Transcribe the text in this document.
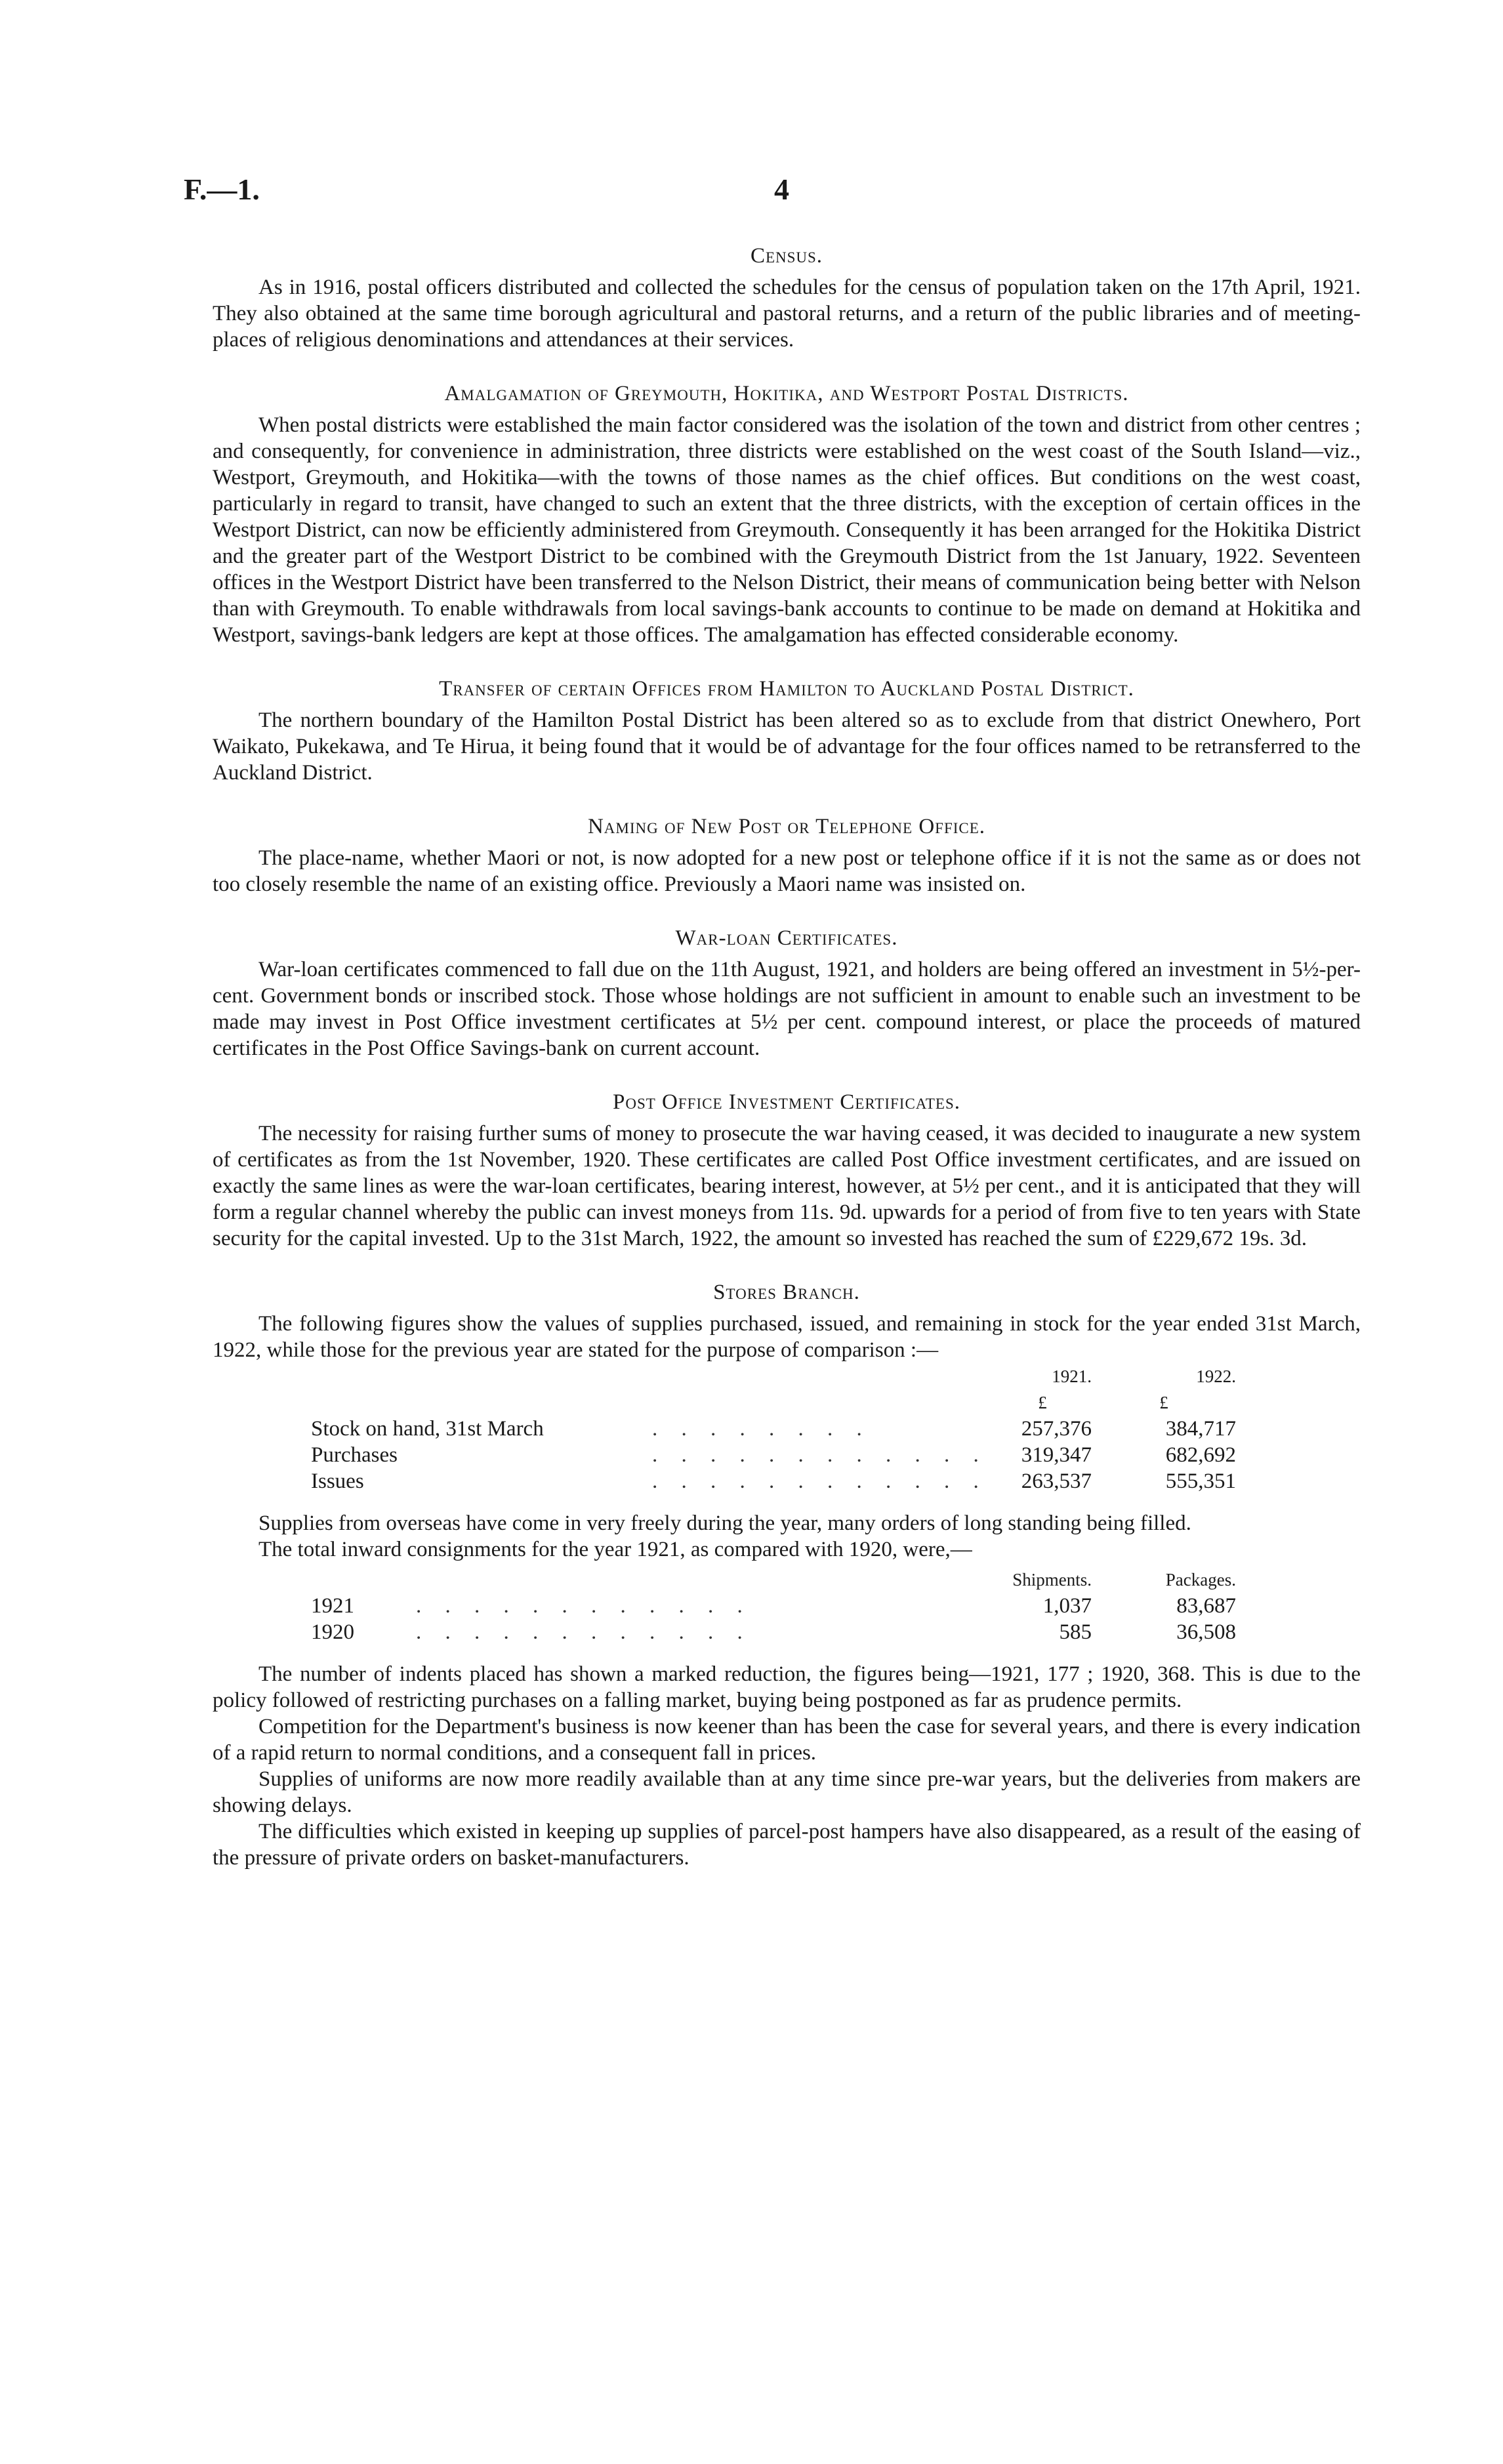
F.—1.	4
Census.

As in 1916, postal officers distributed and collected the schedules for the census of population taken on the 17th April, 1921. They also obtained at the same time borough agricultural and pastoral returns, and a return of the public libraries and of meeting-places of religious denominations and attendances at their services.

Amalgamation of Greymouth, Hokitika, and Westport Postal Districts.

When postal districts were established the main factor considered was the isolation of the town and district from other centres ; and consequently, for convenience in administration, three districts were established on the west coast of the South Island—viz., Westport, Greymouth, and Hokitika—with the towns of those names as the chief offices. But conditions on the west coast, particularly in regard to transit, have changed to such an extent that the three districts, with the exception of certain offices in the Westport District, can now be efficiently administered from Greymouth. Consequently it has been arranged for the Hokitika District and the greater part of the Westport District to be combined with the Greymouth District from the 1st January, 1922. Seventeen offices in the Westport District have been transferred to the Nelson District, their means of communication being better with Nelson than with Greymouth. To enable withdrawals from local savings-bank accounts to continue to be made on demand at Hokitika and Westport, savings-bank ledgers are kept at those offices. The amalgamation has effected considerable economy.

Transfer of certain Offices from Hamilton to Auckland Postal District.

The northern boundary of the Hamilton Postal District has been altered so as to exclude from that district Onewhero, Port Waikato, Pukekawa, and Te Hirua, it being found that it would be of advantage for the four offices named to be retransferred to the Auckland District.

Naming of New Post or Telephone Office.

The place-name, whether Maori or not, is now adopted for a new post or telephone office if it is not the same as or does not too closely resemble the name of an existing office. Previously a Maori name was insisted on.

War-loan Certificates.

War-loan certificates commenced to fall due on the 11th August, 1921, and holders are being offered an investment in 5½-per-cent. Government bonds or inscribed stock. Those whose holdings are not sufficient in amount to enable such an investment to be made may invest in Post Office investment certificates at 5½ per cent. compound interest, or place the proceeds of matured certificates in the Post Office Savings-bank on current account.

Post Office Investment Certificates.

The necessity for raising further sums of money to prosecute the war having ceased, it was decided to inaugurate a new system of certificates as from the 1st November, 1920. These certificates are called Post Office investment certificates, and are issued on exactly the same lines as were the war-loan certificates, bearing interest, however, at 5½ per cent., and it is anticipated that they will form a regular channel whereby the public can invest moneys from 11s. 9d. upwards for a period of from five to ten years with State security for the capital invested. Up to the 31st March, 1922, the amount so invested has reached the sum of £229,672 19s. 3d.

Stores Branch.

The following figures show the values of supplies purchased, issued, and remaining in stock for the year ended 31st March, 1922, while those for the previous year are stated for the purpose of comparison :—

		1921.	1922.
		£	£
Stock on hand, 31st March	. . . . . . . .	257,376	384,717
Purchases	. . . . . . . . . . . .	319,347	682,692
Issues	. . . . . . . . . . . .	263,537	555,351

Supplies from overseas have come in very freely during the year, many orders of long standing being filled.

The total inward consignments for the year 1921, as compared with 1920, were,—

		Shipments.	Packages.
1921	. . . . . . . . . . . .	1,037	83,687
1920	. . . . . . . . . . . .	585	36,508

The number of indents placed has shown a marked reduction, the figures being—1921, 177 ; 1920, 368. This is due to the policy followed of restricting purchases on a falling market, buying being postponed as far as prudence permits.

Competition for the Department's business is now keener than has been the case for several years, and there is every indication of a rapid return to normal conditions, and a consequent fall in prices.

Supplies of uniforms are now more readily available than at any time since pre-war years, but the deliveries from makers are showing delays.

The difficulties which existed in keeping up supplies of parcel-post hampers have also disappeared, as a result of the easing of the pressure of private orders on basket-manufacturers.
